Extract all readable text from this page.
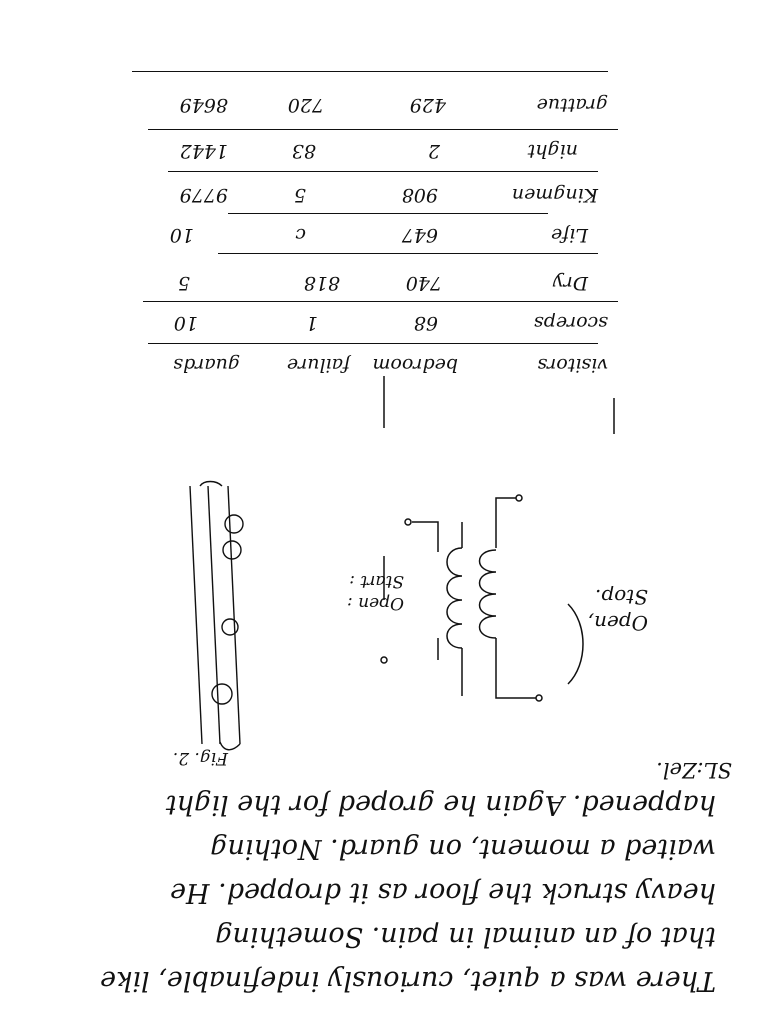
There was a quiet, curiously indefinable, like
that of an animal in pain. Something
heavy struck the floor as it dropped. He
waited a moment, on guard. Nothing
happened. Again he groped for the light
SL:Zel.
Fig. 2.
Open,
Stop.
Open :
Start :
visitors
bedroom
failure
guards
scoreps
68
1
10
Dry
740
818
5
Life
647
c
10
Kingmen
908
5
9779
night
2
83
1442
grattue
429
720
8649
